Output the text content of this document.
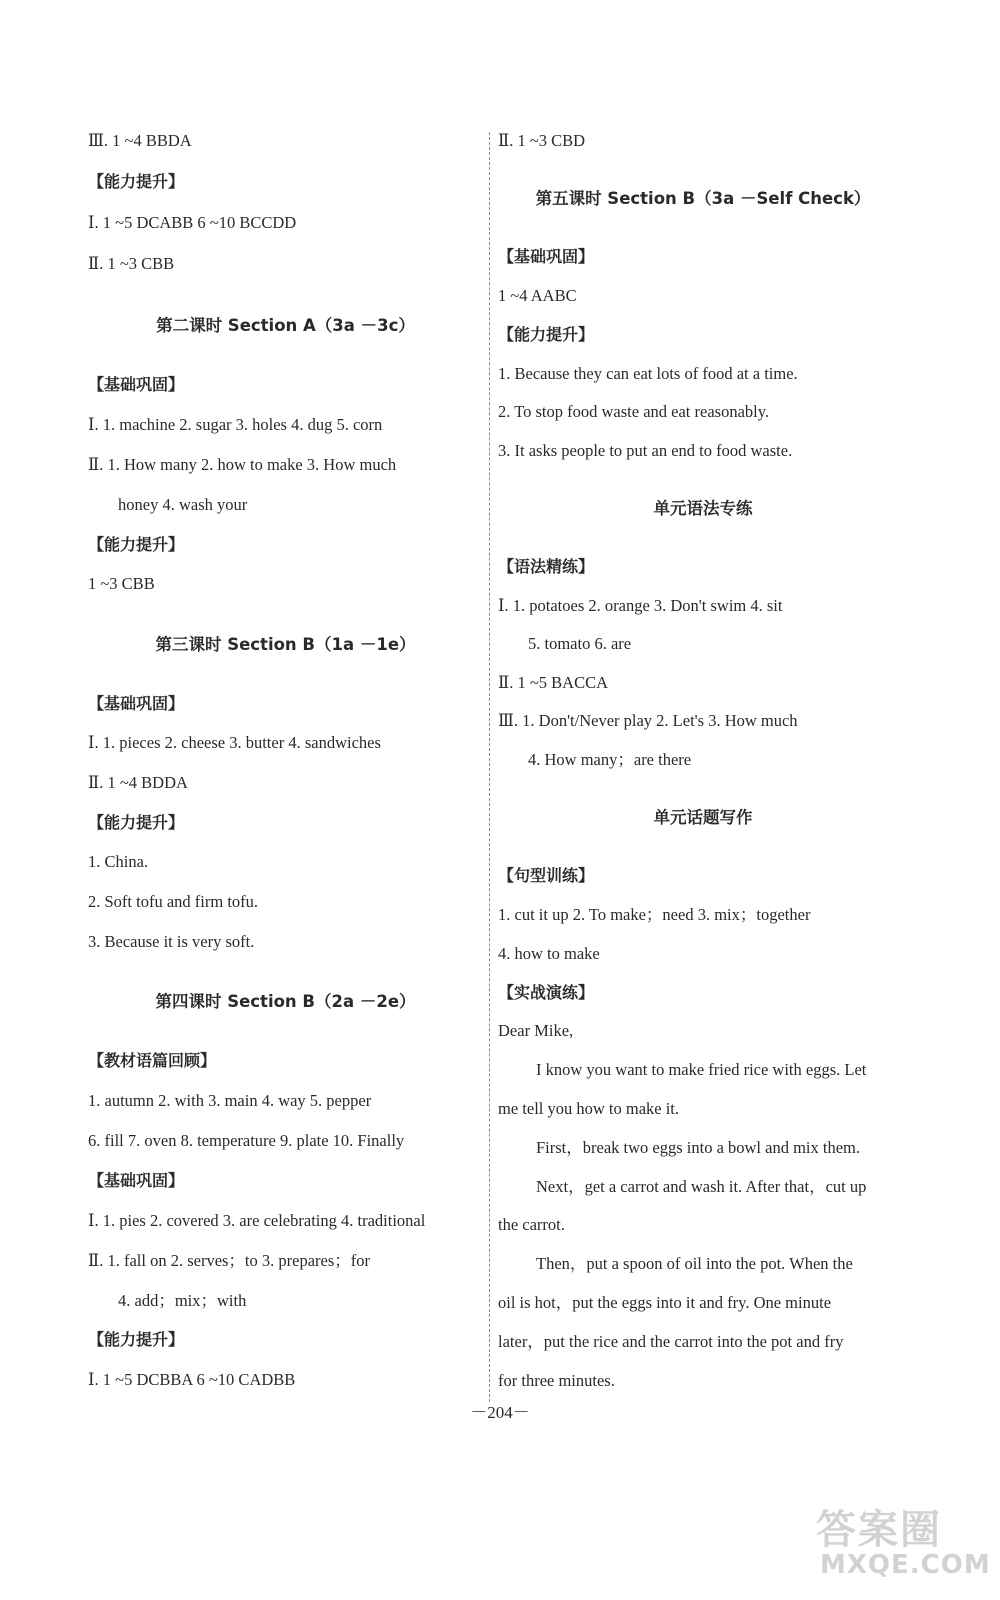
Ⅲ. 1 ~4 BBDA
【能力提升】
Ⅰ. 1 ~5 DCABB 6 ~10 BCCDD
Ⅱ. 1 ~3 CBB
第二课时 Section A（3a －3c）
【基础巩固】
Ⅰ. 1. machine 2. sugar 3. holes 4. dug 5. corn
Ⅱ. 1. How many 2. how to make 3. How much
honey 4. wash your
【能力提升】
1 ~3 CBB
第三课时 Section B（1a －1e）
【基础巩固】
Ⅰ. 1. pieces 2. cheese 3. butter 4. sandwiches
Ⅱ. 1 ~4 BDDA
【能力提升】
1. China.
2. Soft tofu and firm tofu.
3. Because it is very soft.
第四课时 Section B（2a －2e）
【教材语篇回顾】
1. autumn 2. with 3. main 4. way 5. pepper
6. fill 7. oven 8. temperature 9. plate 10. Finally
【基础巩固】
Ⅰ. 1. pies 2. covered 3. are celebrating 4. traditional
Ⅱ. 1. fall on 2. serves；to 3. prepares；for
4. add；mix；with
【能力提升】
Ⅰ. 1 ~5 DCBBA 6 ~10 CADBB
Ⅱ. 1 ~3 CBD
第五课时 Section B（3a －Self Check）
【基础巩固】
1 ~4 AABC
【能力提升】
1. Because they can eat lots of food at a time.
2. To stop food waste and eat reasonably.
3. It asks people to put an end to food waste.
单元语法专练
【语法精练】
Ⅰ. 1. potatoes 2. orange 3. Don't swim 4. sit
5. tomato 6. are
Ⅱ. 1 ~5 BACCA
Ⅲ. 1. Don't/Never play 2. Let's 3. How much
4. How many；are there
单元话题写作
【句型训练】
1. cut it up 2. To make；need 3. mix；together
4. how to make
【实战演练】
Dear Mike,
I know you want to make fried rice with eggs. Let
me tell you how to make it.
First，break two eggs into a bowl and mix them.
Next，get a carrot and wash it. After that，cut up
the carrot.
Then，put a spoon of oil into the pot. When the
oil is hot，put the eggs into it and fry. One minute
later，put the rice and the carrot into the pot and fry
for three minutes.
－204－
答案圈
MXQE.COM
